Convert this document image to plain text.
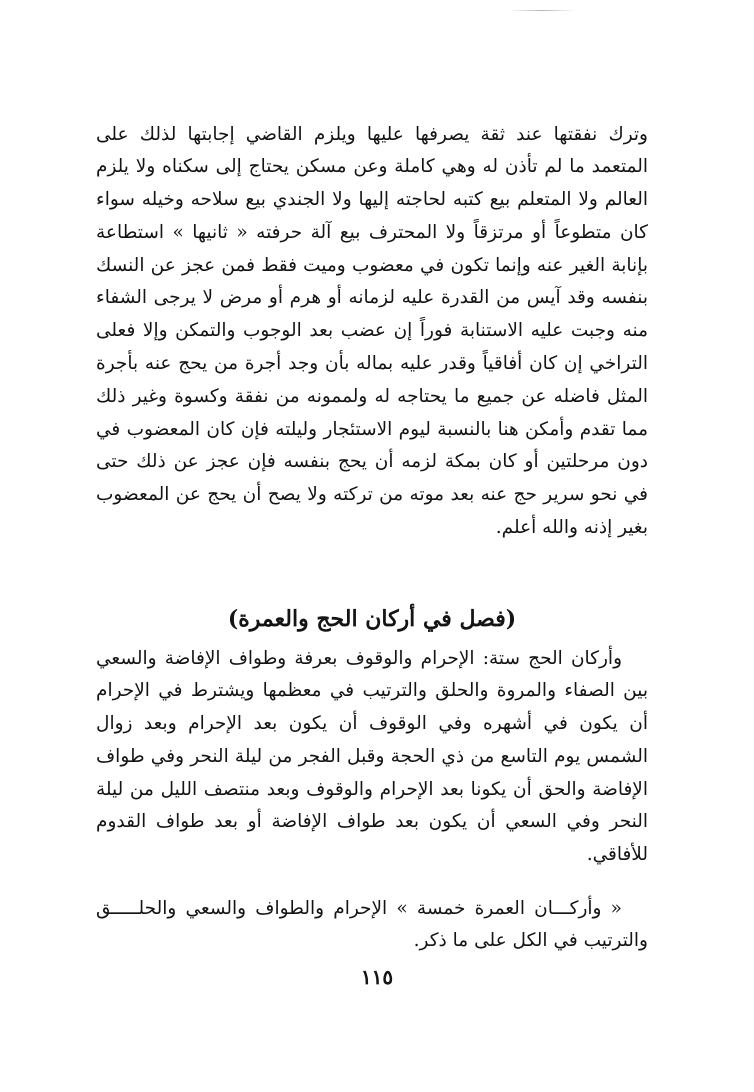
وترك نفقتها عند ثقة يصرفها عليها ويلزم القاضي إجابتها لذلك على المتعمد ما لم تأذن له وهي كاملة وعن مسكن يحتاج إلى سكناه ولا يلزم العالم ولا المتعلم بيع كتبه لحاجته إليها ولا الجندي بيع سلاحه وخيله سواء كان متطوعاً أو مرتزقاً ولا المحترف بيع آلة حرفته « ثانيها » استطاعة بإنابة الغير عنه وإنما تكون في معضوب وميت فقط فمن عجز عن النسك بنفسه وقد آيس من القدرة عليه لزمانه أو هرم أو مرض لا يرجى الشفاء منه وجبت عليه الاستنابة فوراً إن عضب بعد الوجوب والتمكن وإلا فعلى التراخي إن كان أفاقياً وقدر عليه بماله بأن وجد أجرة من يحج عنه بأجرة المثل فاضله عن جميع ما يحتاجه له ولممونه من نفقة وكسوة وغير ذلك مما تقدم وأمكن هنا بالنسبة ليوم الاستئجار وليلته فإن كان المعضوب في دون مرحلتين أو كان بمكة لزمه أن يحج بنفسه فإن عجز عن ذلك حتى في نحو سرير حج عنه بعد موته من تركته ولا يصح أن يحج عن المعضوب بغير إذنه والله أعلم.

(فصل في أركان الحج والعمرة)

وأركان الحج ستة: الإحرام والوقوف بعرفة وطواف الإفاضة والسعي بين الصفاء والمروة والحلق والترتيب في معظمها ويشترط في الإحرام أن يكون في أشهره وفي الوقوف أن يكون بعد الإحرام وبعد زوال الشمس يوم التاسع من ذي الحجة وقبل الفجر من ليلة النحر وفي طواف الإفاضة والحق أن يكونا بعد الإحرام والوقوف وبعد منتصف الليل من ليلة النحر وفي السعي أن يكون بعد طواف الإفاضة أو بعد طواف القدوم للأفاقي.

« وأركـــان العمرة خمسة » الإحرام والطواف والسعي والحلـــــق والترتيب في الكل على ما ذكر.

١١٥
